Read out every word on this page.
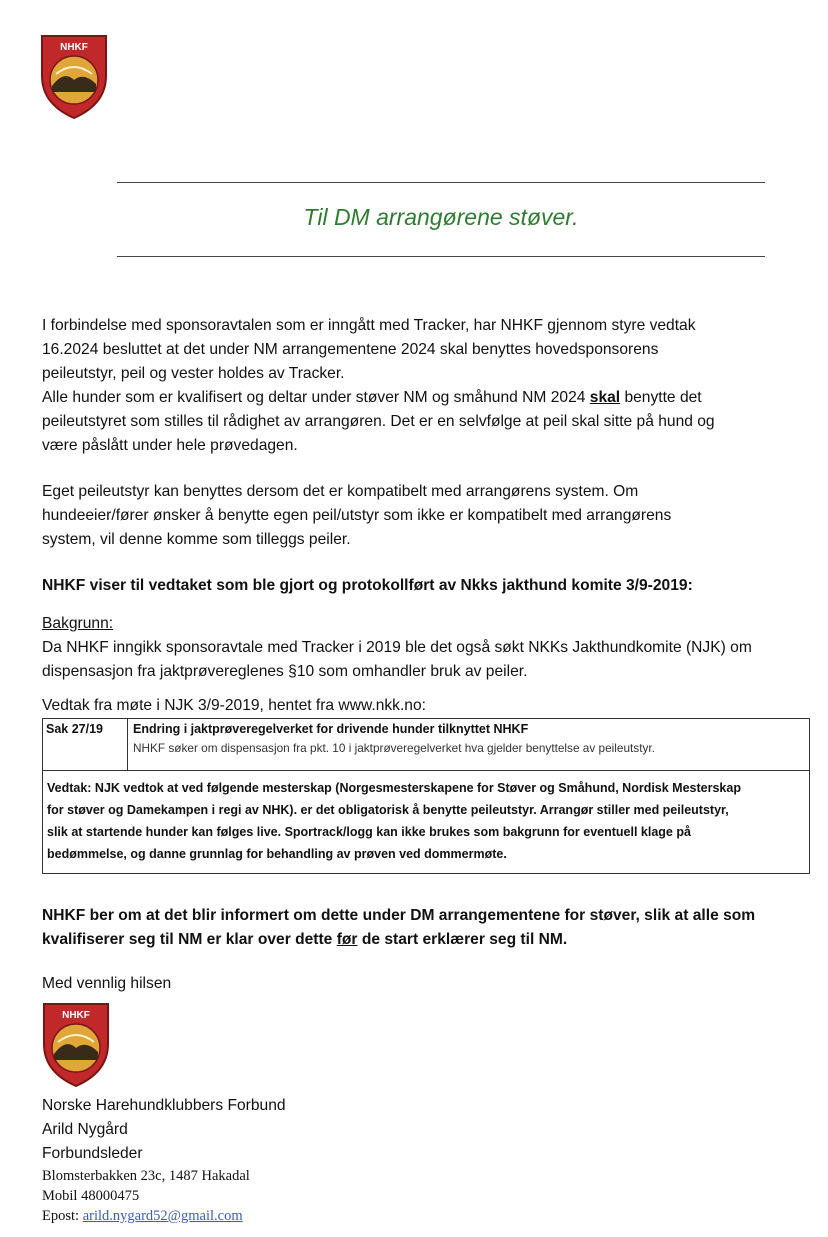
NHKF
Til DM arrangørene støver.
I forbindelse med sponsoravtalen som er inngått med Tracker, har NHKF gjennom styre vedtak
16.2024 besluttet at det under NM arrangementene 2024 skal benyttes hovedsponsorens
peileutstyr, peil og vester holdes av Tracker.
Alle hunder som er kvalifisert og deltar under støver NM og småhund NM 2024 skal benytte det
peileutstyret som stilles til rådighet av arrangøren. Det er en selvfølge at peil skal sitte på hund og
være påslått under hele prøvedagen.
Eget peileutstyr kan benyttes dersom det er kompatibelt med arrangørens system. Om
hundeeier/fører ønsker å benytte egen peil/utstyr som ikke er kompatibelt med arrangørens
system, vil denne komme som tilleggs peiler.
NHKF viser til vedtaket som ble gjort og protokollført av Nkks jakthund komite 3/9-2019:
Bakgrunn:
Da NHKF inngikk sponsoravtale med Tracker i 2019 ble det også søkt NKKs Jakthundkomite (NJK) om
dispensasjon fra jaktprøvereglenes §10 som omhandler bruk av peiler.
Vedtak fra møte i NJK 3/9-2019, hentet fra www.nkk.no:
Sak 27/19 Endring i jaktprøveregelverket for drivende hunder tilknyttet NHKF
NHKF søker om dispensasjon fra pkt. 10 i jaktprøveregelverket hva gjelder benyttelse av peileutstyr.
Vedtak: NJK vedtok at ved følgende mesterskap (Norgesmesterskapene for Støver og Småhund, Nordisk Mesterskap
for støver og Damekampen i regi av NHK). er det obligatorisk å benytte peileutstyr. Arrangør stiller med peileutstyr,
slik at startende hunder kan følges live. Sportrack/logg kan ikke brukes som bakgrunn for eventuell klage på
bedømmelse, og danne grunnlag for behandling av prøven ved dommermøte.
NHKF ber om at det blir informert om dette under DM arrangementene for støver, slik at alle som
kvalifiserer seg til NM er klar over dette før de start erklærer seg til NM.
Med vennlig hilsen
NHKF
Norske Harehundklubbers Forbund
Arild Nygård
Forbundsleder
Blomsterbakken 23c, 1487 Hakadal
Mobil 48000475
Epost: arild.nygard52@gmail.com
